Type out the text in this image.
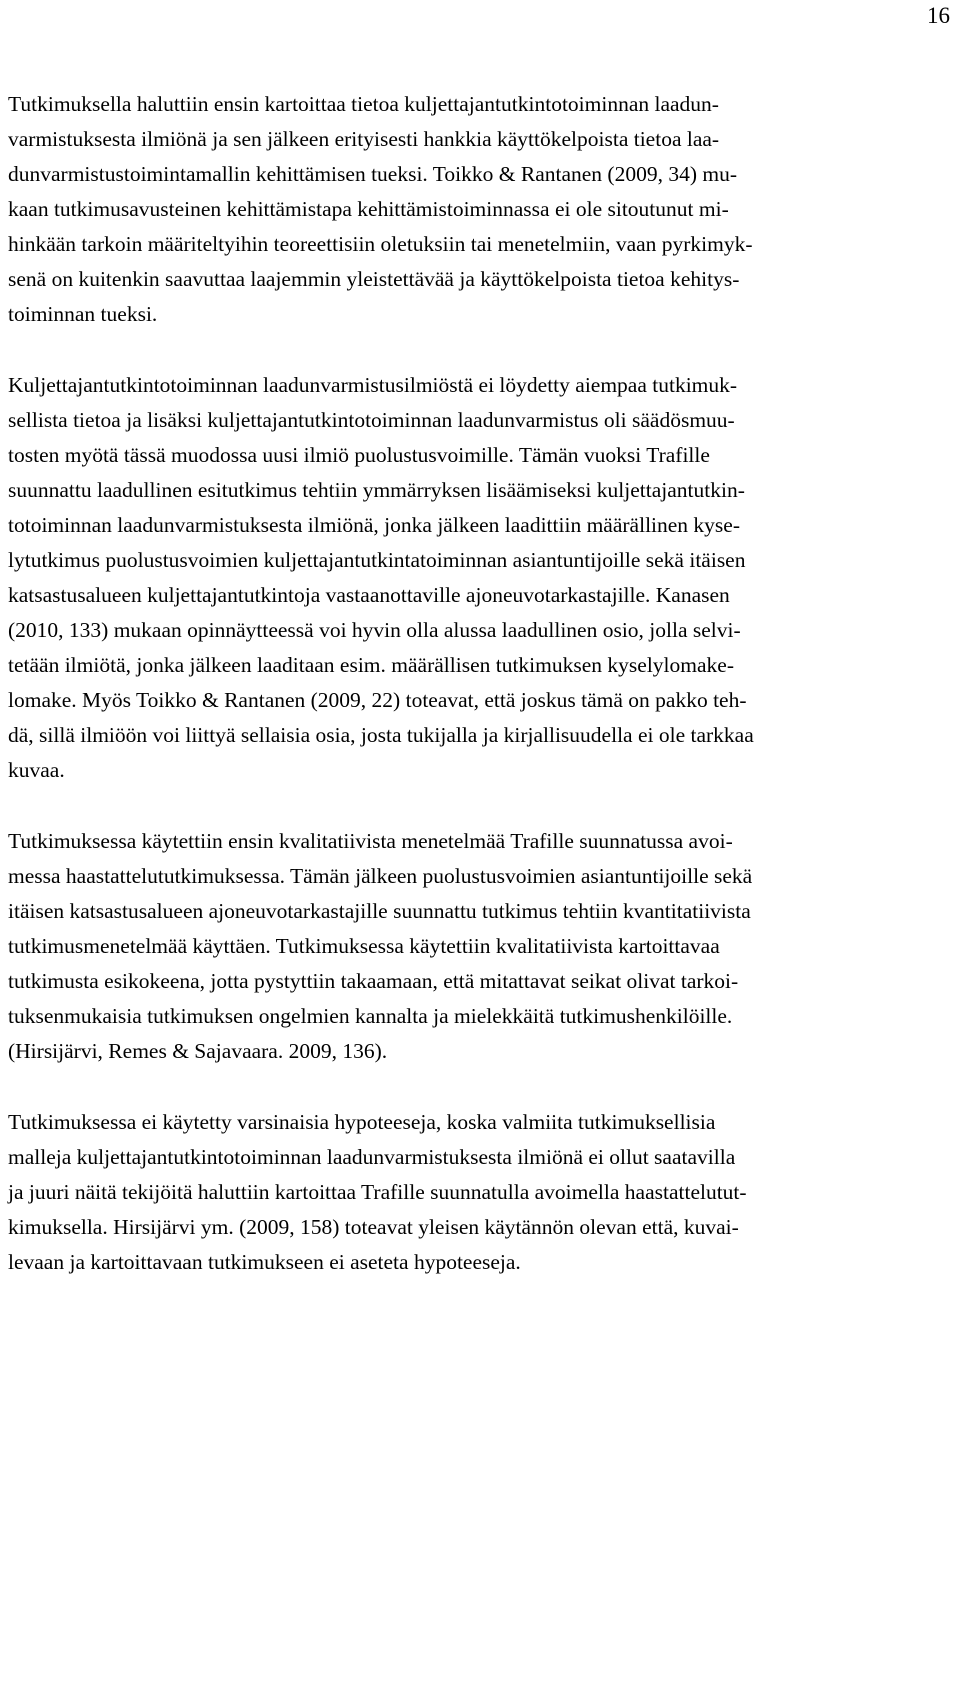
16
Tutkimuksella haluttiin ensin kartoittaa tietoa kuljettajantutkintotoiminnan laadun-
varmistuksesta ilmiönä ja sen jälkeen erityisesti hankkia käyttökelpoista tietoa laa-
dunvarmistustoimintamallin kehittämisen tueksi. Toikko & Rantanen (2009, 34) mu-
kaan tutkimusavusteinen kehittämistapa kehittämistoiminnassa ei ole sitoutunut mi-
hinkään tarkoin määriteltyihin teoreettisiin oletuksiin tai menetelmiin, vaan pyrkimyk-
senä on kuitenkin saavuttaa laajemmin yleistettävää ja käyttökelpoista tietoa kehitys-
toiminnan tueksi.
Kuljettajantutkintotoiminnan laadunvarmistusilmiöstä ei löydetty aiempaa tutkimuk-
sellista tietoa ja lisäksi kuljettajantutkintotoiminnan laadunvarmistus oli säädösmuu-
tosten myötä tässä muodossa uusi ilmiö puolustusvoimille. Tämän vuoksi Trafille
suunnattu laadullinen esitutkimus tehtiin ymmärryksen lisäämiseksi kuljettajantutkin-
totoiminnan laadunvarmistuksesta ilmiönä, jonka jälkeen laadittiin määrällinen kyse-
lytutkimus puolustusvoimien kuljettajantutkintatoiminnan asiantuntijoille sekä itäisen
katsastusalueen kuljettajantutkintoja vastaanottaville ajoneuvotarkastajille. Kanasen
(2010, 133) mukaan opinnäytteessä voi hyvin olla alussa laadullinen osio, jolla selvi-
tetään ilmiötä, jonka jälkeen laaditaan esim. määrällisen tutkimuksen kyselylomake-
lomake. Myös Toikko & Rantanen (2009, 22) toteavat, että joskus tämä on pakko teh-
dä, sillä ilmiöön voi liittyä sellaisia osia, josta tukijalla ja kirjallisuudella ei ole tarkkaa
kuvaa.
Tutkimuksessa käytettiin ensin kvalitatiivista menetelmää Trafille suunnatussa avoi-
messa haastattelututkimuksessa. Tämän jälkeen puolustusvoimien asiantuntijoille sekä
itäisen katsastusalueen ajoneuvotarkastajille suunnattu tutkimus tehtiin kvantitatiivista
tutkimusmenetelmää käyttäen. Tutkimuksessa käytettiin kvalitatiivista kartoittavaa
tutkimusta esikokeena, jotta pystyttiin takaamaan, että mitattavat seikat olivat tarkoi-
tuksenmukaisia tutkimuksen ongelmien kannalta ja mielekkäitä tutkimushenkilöille.
(Hirsijärvi, Remes & Sajavaara. 2009, 136).
Tutkimuksessa ei käytetty varsinaisia hypoteeseja, koska valmiita tutkimuksellisia
malleja kuljettajantutkintotoiminnan laadunvarmistuksesta ilmiönä ei ollut saatavilla
ja juuri näitä tekijöitä haluttiin kartoittaa Trafille suunnatulla avoimella haastattelutut-
kimuksella. Hirsijärvi ym. (2009, 158) toteavat yleisen käytännön olevan että, kuvai-
levaan ja kartoittavaan tutkimukseen ei aseteta hypoteeseja.
